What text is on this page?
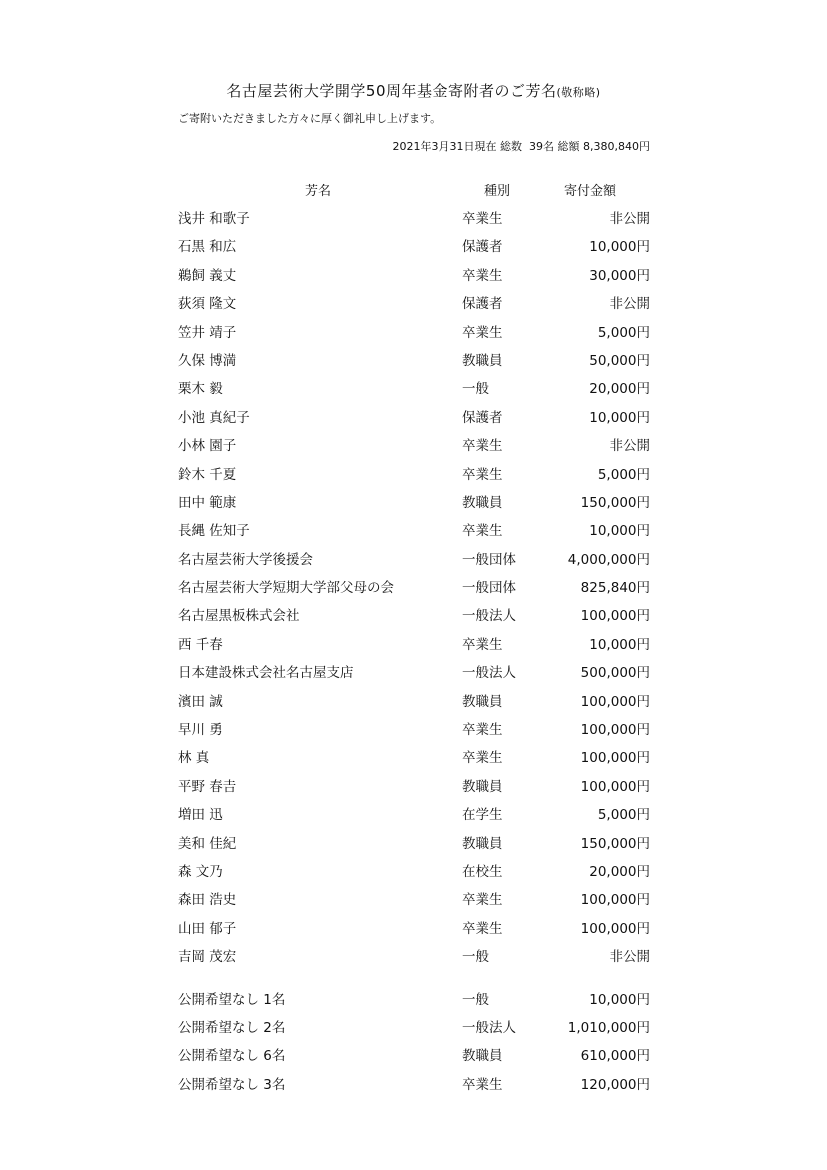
名古屋芸術大学開学50周年基金寄附者のご芳名(敬称略)
ご寄附いただきました方々に厚く御礼申し上げます。
2021年3月31日現在 総数 39名 総額 8,380,840円
芳名	種別	寄付金額
浅井 和歌子	卒業生	非公開
石黒 和広	保護者	10,000円
鵜飼 義丈	卒業生	30,000円
荻須 隆文	保護者	非公開
笠井 靖子	卒業生	5,000円
久保 博満	教職員	50,000円
栗木 毅	一般	20,000円
小池 真紀子	保護者	10,000円
小林 園子	卒業生	非公開
鈴木 千夏	卒業生	5,000円
田中 範康	教職員	150,000円
長縄 佐知子	卒業生	10,000円
名古屋芸術大学後援会	一般団体	4,000,000円
名古屋芸術大学短期大学部父母の会	一般団体	825,840円
名古屋黒板株式会社	一般法人	100,000円
西 千春	卒業生	10,000円
日本建設株式会社名古屋支店	一般法人	500,000円
濱田 誠	教職員	100,000円
早川 勇	卒業生	100,000円
林 真	卒業生	100,000円
平野 春𠮷	教職員	100,000円
増田 迅	在学生	5,000円
美和 佳紀	教職員	150,000円
森 文乃	在校生	20,000円
森田 浩史	卒業生	100,000円
山田 郁子	卒業生	100,000円
吉岡 茂宏	一般	非公開
公開希望なし 1名	一般	10,000円
公開希望なし 2名	一般法人	1,010,000円
公開希望なし 6名	教職員	610,000円
公開希望なし 3名	卒業生	120,000円
